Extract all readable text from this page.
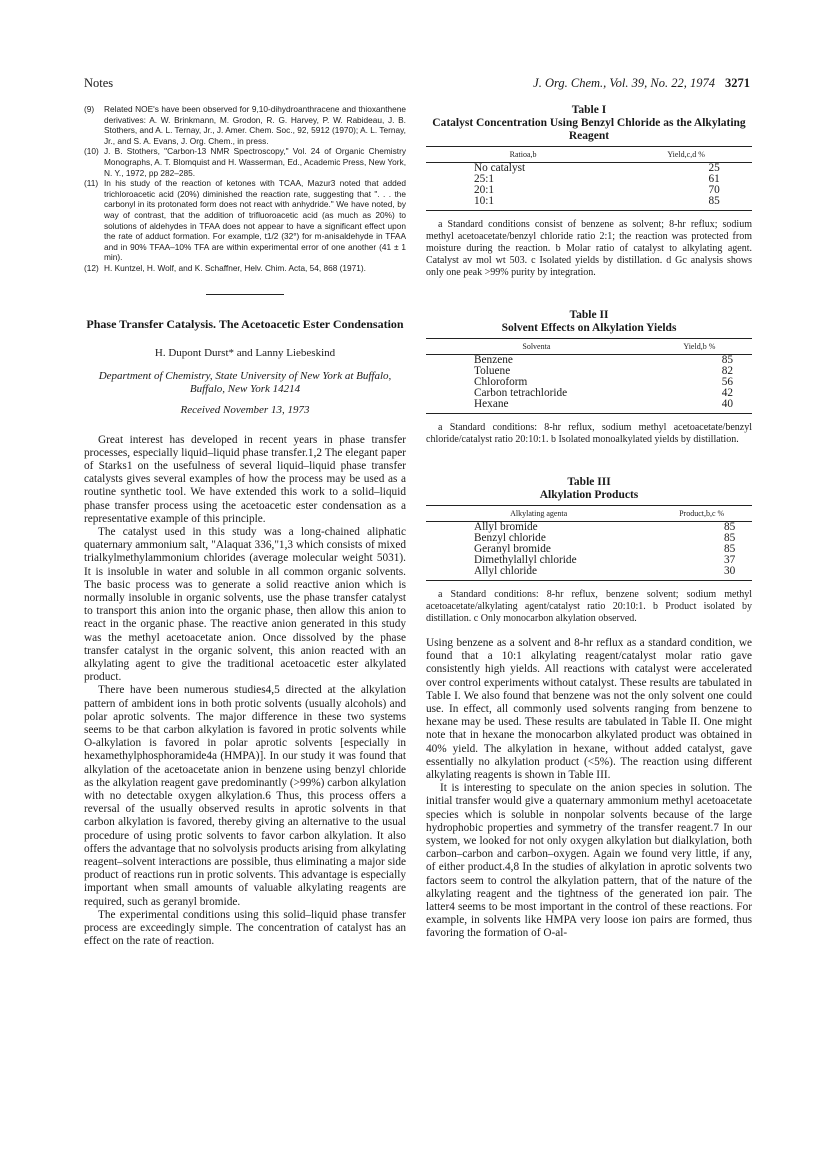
Notes	J. Org. Chem., Vol. 39, No. 22, 1974 3271
(9)	Related NOE's have been observed for 9,10-dihydroanthracene and thioxanthene derivatives: A. W. Brinkmann, M. Grodon, R. G. Harvey, P. W. Rabideau, J. B. Stothers, and A. L. Ternay, Jr., J. Amer. Chem. Soc., 92, 5912 (1970); A. L. Ternay, Jr., and S. A. Evans, J. Org. Chem., in press.
(10) J. B. Stothers, "Carbon-13 NMR Spectroscopy," Vol. 24 of Organic Chemistry Monographs, A. T. Blomquist and H. Wasserman, Ed., Academic Press, New York, N. Y., 1972, pp 282–285.
(11) In his study of the reaction of ketones with TCAA, Mazur3 noted that added trichloroacetic acid (20%) diminished the reaction rate, suggesting that ". . . the carbonyl in its protonated form does not react with anhydride." We have noted, by way of contrast, that the addition of trifluoroacetic acid (as much as 20%) to solutions of aldehydes in TFAA does not appear to have a significant effect upon the rate of adduct formation. For example, t1/2 (32°) for m-anisaldehyde in TFAA and in 90% TFAA–10% TFA are within experimental error of one another (41 ± 1 min).
(12) H. Kuntzel, H. Wolf, and K. Schaffner, Helv. Chim. Acta, 54, 868 (1971).
Phase Transfer Catalysis. The Acetoacetic Ester Condensation
H. Dupont Durst* and Lanny Liebeskind
Department of Chemistry, State University of New York at Buffalo, Buffalo, New York 14214
Received November 13, 1973

Great interest has developed in recent years in phase transfer processes, especially liquid–liquid phase transfer.1,2 The elegant paper of Starks1 on the usefulness of several liquid–liquid phase transfer catalysts gives several examples of how the process may be used as a routine synthetic tool. We have extended this work to a solid–liquid phase transfer process using the acetoacetic ester condensation as a representative example of this principle.

The catalyst used in this study was a long-chained aliphatic quaternary ammonium salt, "Alaquat 336,"1,3 which consists of mixed trialkylmethylammonium chlorides (average molecular weight 5031). It is insoluble in water and soluble in all common organic solvents. The basic process was to generate a solid reactive anion which is normally insoluble in organic solvents, use the phase transfer catalyst to transport this anion into the organic phase, then allow this anion to react in the organic phase. The reactive anion generated in this study was the methyl acetoacetate anion. Once dissolved by the phase transfer catalyst in the organic solvent, this anion reacted with an alkylating agent to give the traditional acetoacetic ester alkylated product.

There have been numerous studies4,5 directed at the alkylation pattern of ambident ions in both protic solvents (usually alcohols) and polar aprotic solvents. The major difference in these two systems seems to be that carbon alkylation is favored in protic solvents while O-alkylation is favored in polar aprotic solvents [especially in hexamethylphosphoramide4a (HMPA)]. In our study it was found that alkylation of the acetoacetate anion in benzene using benzyl chloride as the alkylation reagent gave predominantly (>99%) carbon alkylation with no detectable oxygen alkylation.6 Thus, this process offers a reversal of the usually observed results in aprotic solvents in that carbon alkylation is favored, thereby giving an alternative to the usual procedure of using protic solvents to favor carbon alkylation. It also offers the advantage that no solvolysis products arising from alkylating reagent–solvent interactions are possible, thus eliminating a major side product of reactions run in protic solvents. This advantage is especially important when small amounts of valuable alkylating reagents are required, such as geranyl bromide.

The experimental conditions using this solid–liquid phase transfer process are exceedingly simple. The concentration of catalyst has an effect on the rate of reaction.

Table I
Catalyst Concentration Using Benzyl Chloride as the Alkylating Reagent
Ratioa,b	Yield,c,d %
No catalyst	25
25:1	61
20:1	70
10:1	85
a Standard conditions consist of benzene as solvent; 8-hr reflux; sodium methyl acetoacetate/benzyl chloride ratio 2:1; the reaction was protected from moisture during the reaction. b Molar ratio of catalyst to alkylating agent. Catalyst av mol wt 503. c Isolated yields by distillation. d Gc analysis shows only one peak >99% purity by integration.
Table II
Solvent Effects on Alkylation Yields
Solventa	Yield,b %
Benzene	85
Toluene	82
Chloroform	56
Carbon tetrachloride	42
Hexane	40
a Standard conditions: 8-hr reflux, sodium methyl acetoacetate/benzyl chloride/catalyst ratio 20:10:1. b Isolated monoalkylated yields by distillation.
Table III
Alkylation Products
Alkylating agenta	Product,b,c %
Allyl bromide	85
Benzyl chloride	85
Geranyl bromide	85
Dimethylallyl chloride	37
Allyl chloride	30
a Standard conditions: 8-hr reflux, benzene solvent; sodium methyl acetoacetate/alkylating agent/catalyst ratio 20:10:1. b Product isolated by distillation. c Only monocarbon alkylation observed.

Using benzene as a solvent and 8-hr reflux as a standard condition, we found that a 10:1 alkylating reagent/catalyst molar ratio gave consistently high yields. All reactions with catalyst were accelerated over control experiments without catalyst. These results are tabulated in Table I. We also found that benzene was not the only solvent one could use. In effect, all commonly used solvents ranging from benzene to hexane may be used. These results are tabulated in Table II. One might note that in hexane the monocarbon alkylated product was obtained in 40% yield. The alkylation in hexane, without added catalyst, gave essentially no alkylation product (<5%). The reaction using different alkylating reagents is shown in Table III.

It is interesting to speculate on the anion species in solution. The initial transfer would give a quaternary ammonium methyl acetoacetate species which is soluble in nonpolar solvents because of the large hydrophobic properties and symmetry of the transfer reagent.7 In our system, we looked for not only oxygen alkylation but dialkylation, both carbon–carbon and carbon–oxygen. Again we found very little, if any, of either product.4,8 In the studies of alkylation in aprotic solvents two factors seem to control the alkylation pattern, that of the nature of the alkylating reagent and the tightness of the generated ion pair. The latter4 seems to be most important in the control of these reactions. For example, in solvents like HMPA very loose ion pairs are formed, thus favoring the formation of O-al-
